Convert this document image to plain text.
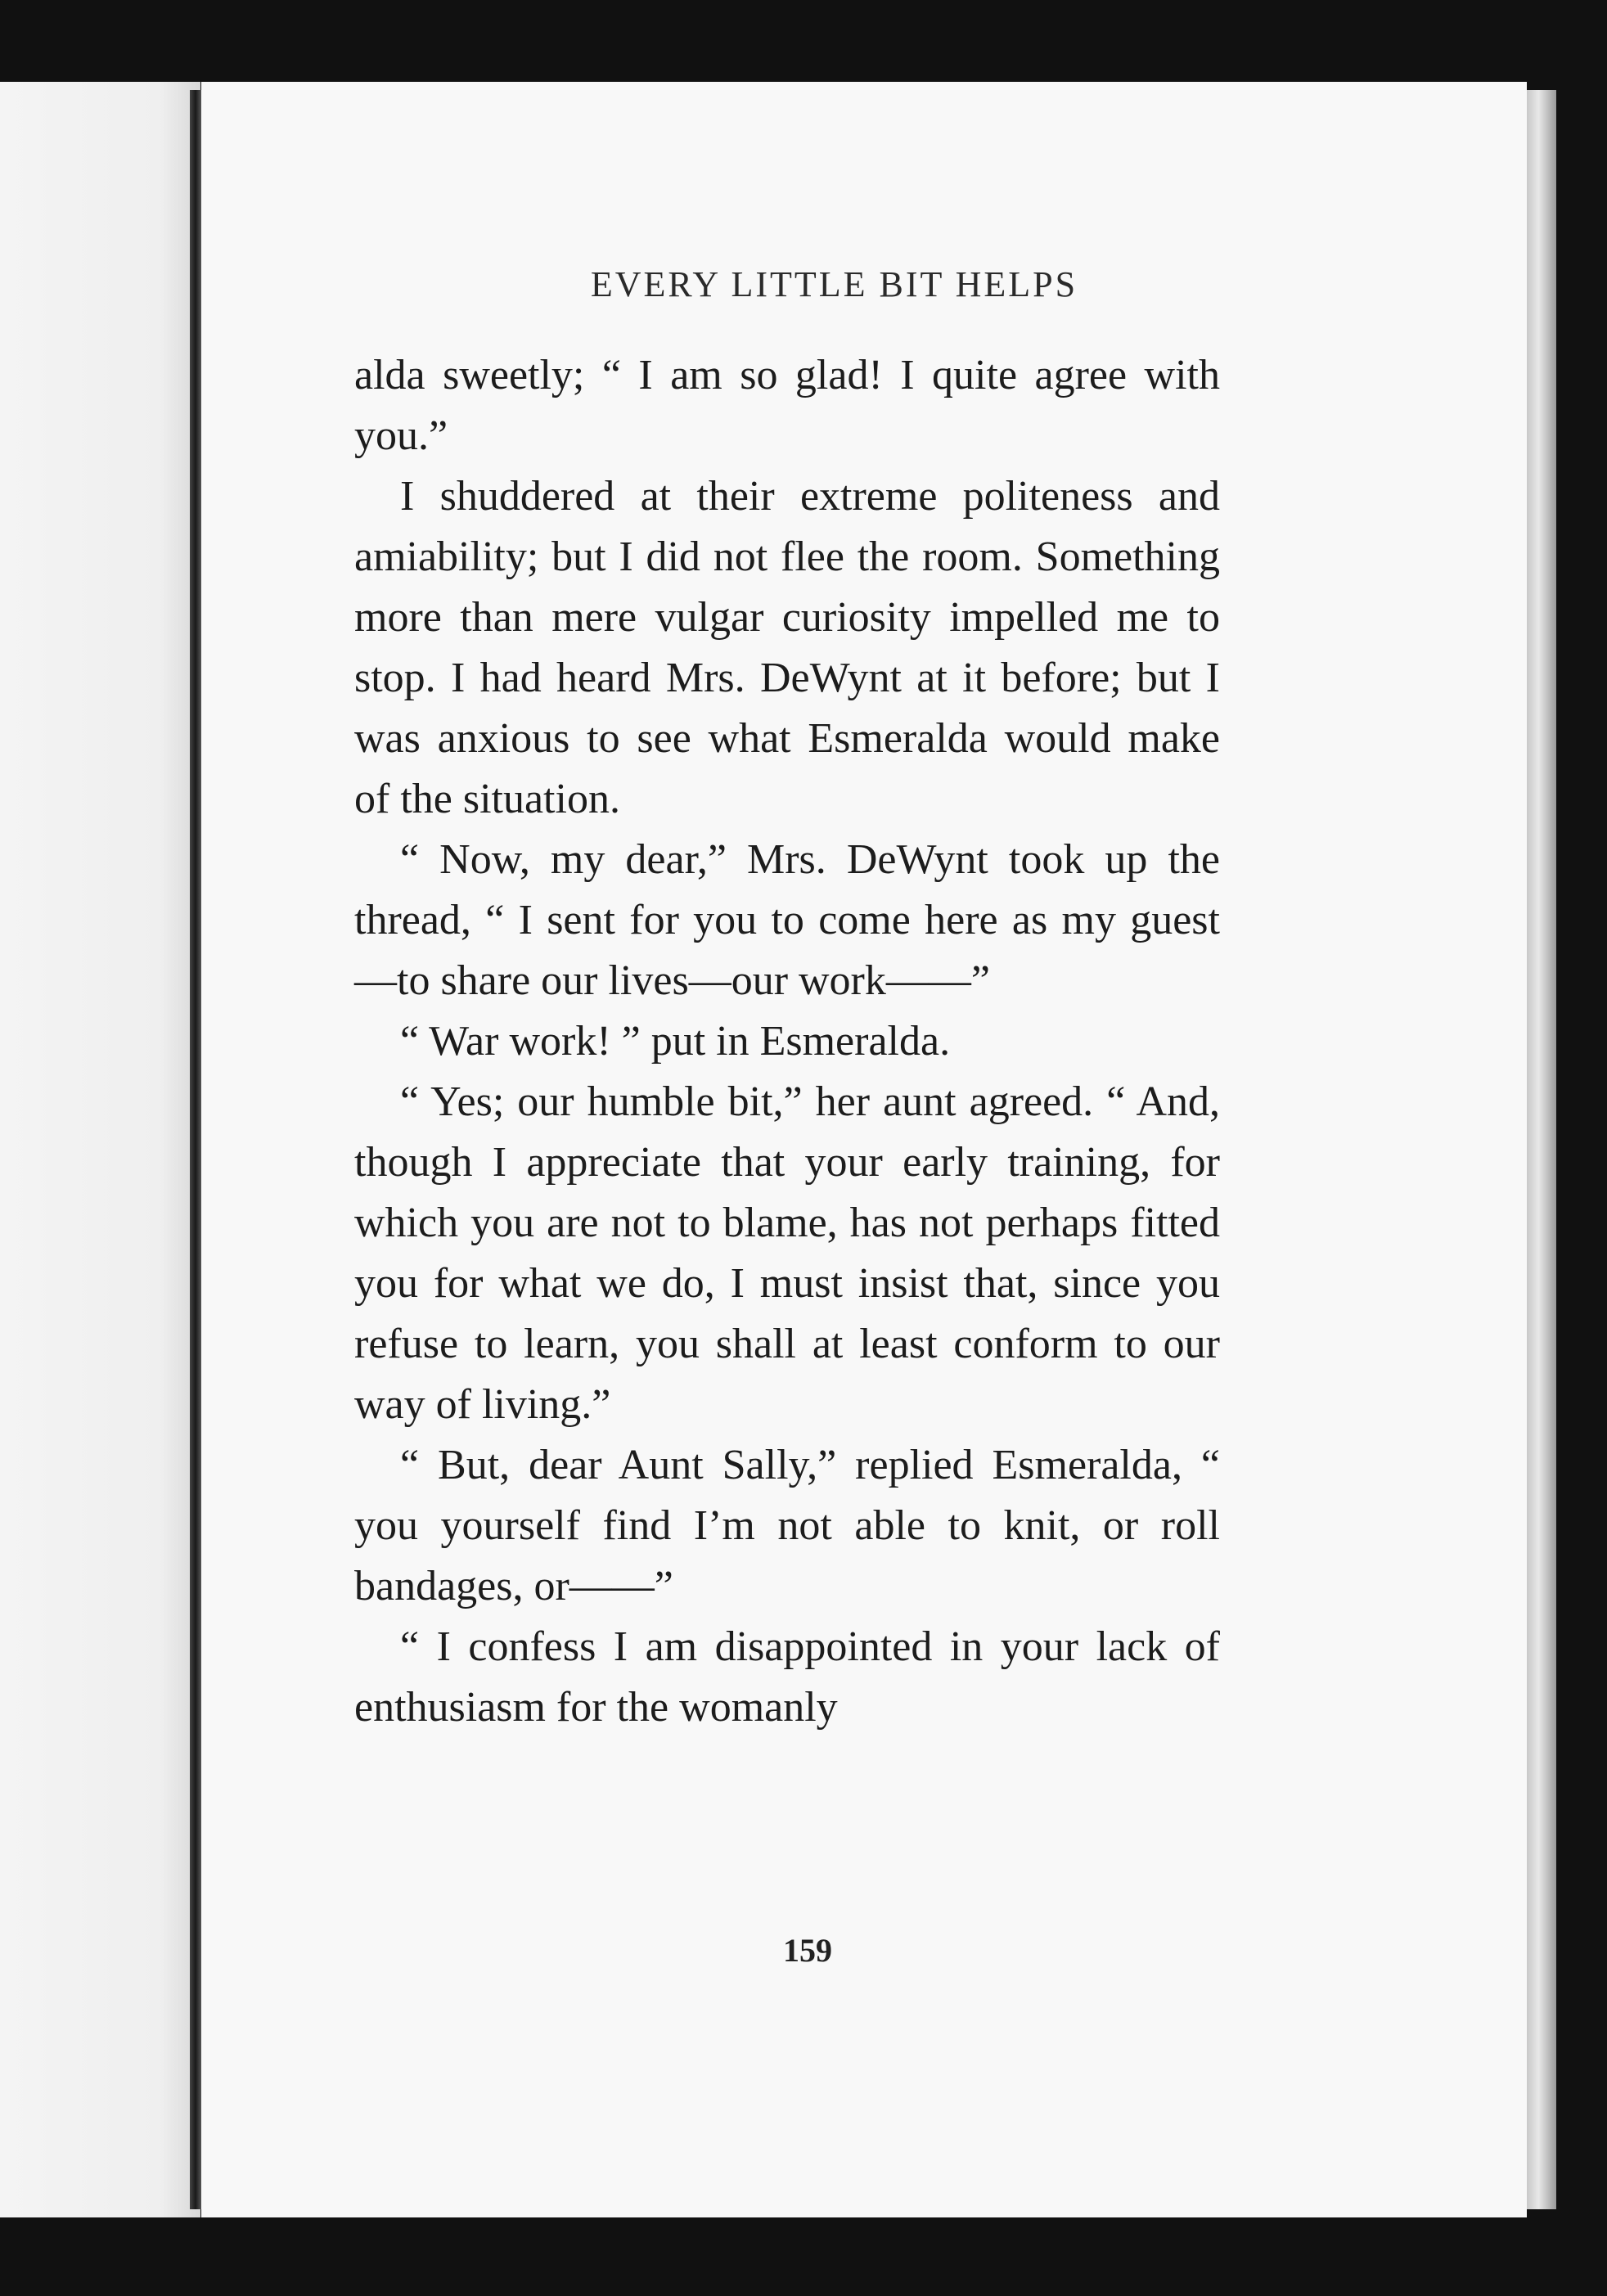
EVERY LITTLE BIT HELPS

alda sweetly; “ I am so glad! I quite agree with you.”

I shuddered at their extreme politeness and amiability; but I did not flee the room. Something more than mere vulgar curiosity impelled me to stop. I had heard Mrs. DeWynt at it before; but I was anxious to see what Esmeralda would make of the situation.

“ Now, my dear,” Mrs. DeWynt took up the thread, “ I sent for you to come here as my guest—to share our lives—our work——”

“ War work! ” put in Esmeralda.

“ Yes; our humble bit,” her aunt agreed. “ And, though I appreciate that your early training, for which you are not to blame, has not perhaps fitted you for what we do, I must insist that, since you refuse to learn, you shall at least conform to our way of living.”

“ But, dear Aunt Sally,” replied Esmeralda, “ you yourself find I’m not able to knit, or roll bandages, or——”

“ I confess I am disappointed in your lack of enthusiasm for the womanly

159
